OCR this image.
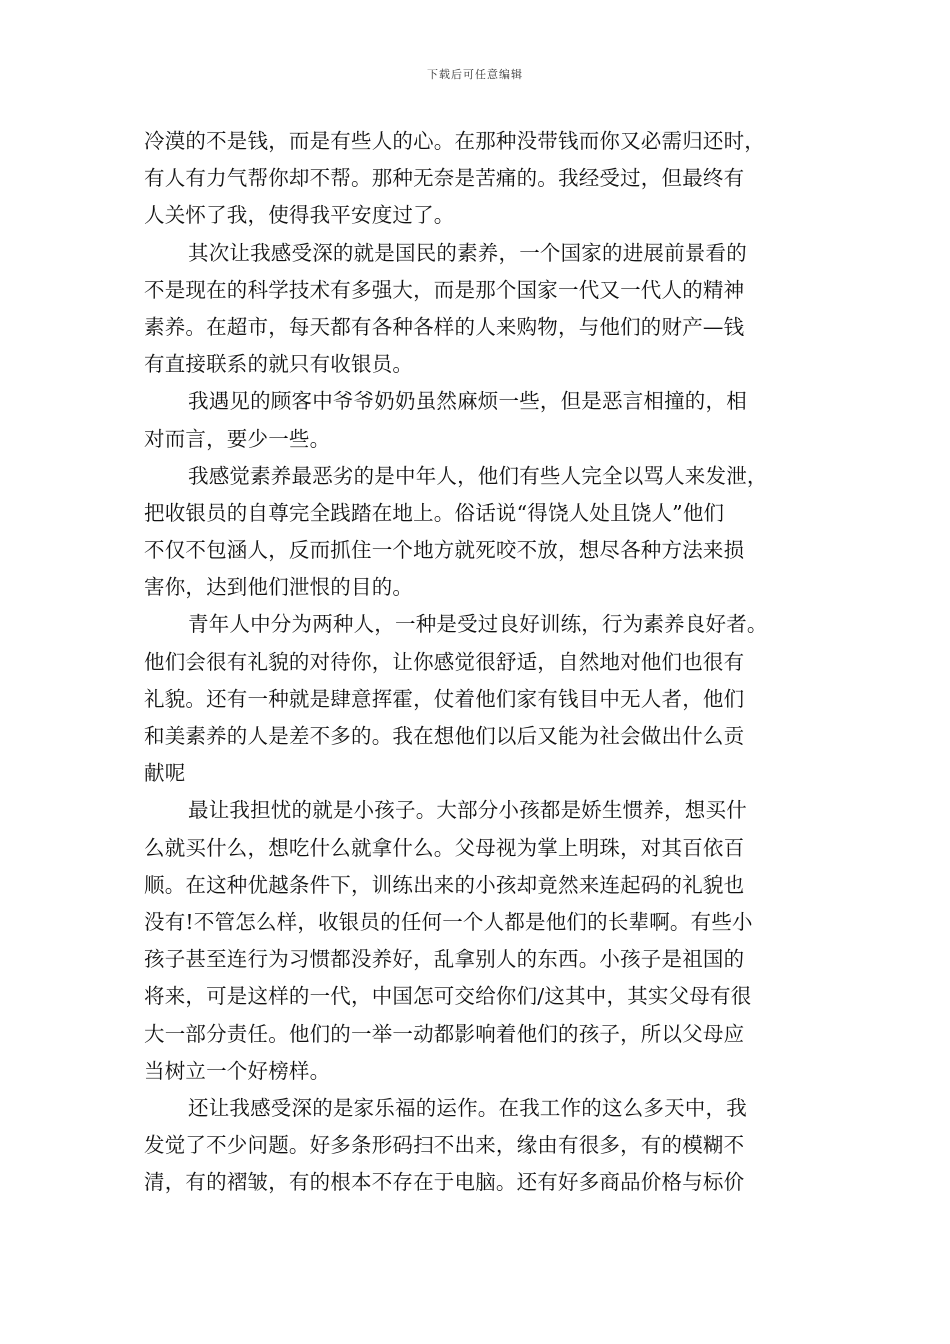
下载后可任意编辑
冷漠的不是钱，而是有些人的心。在那种没带钱而你又必需归还时，
有人有力气帮你却不帮。那种无奈是苦痛的。我经受过，但最终有
人关怀了我，使得我平安度过了。
其次让我感受深的就是国民的素养，一个国家的进展前景看的
不是现在的科学技术有多强大，而是那个国家一代又一代人的精神
素养。在超市，每天都有各种各样的人来购物，与他们的财产—钱
有直接联系的就只有收银员。
我遇见的顾客中爷爷奶奶虽然麻烦一些，但是恶言相撞的，相
对而言，要少一些。
我感觉素养最恶劣的是中年人，他们有些人完全以骂人来发泄，
把收银员的自尊完全践踏在地上。俗话说“得饶人处且饶人”他们
不仅不包涵人，反而抓住一个地方就死咬不放，想尽各种方法来损
害你，达到他们泄恨的目的。
青年人中分为两种人，一种是受过良好训练，行为素养良好者。
他们会很有礼貌的对待你，让你感觉很舒适，自然地对他们也很有
礼貌。还有一种就是肆意挥霍，仗着他们家有钱目中无人者，他们
和美素养的人是差不多的。我在想他们以后又能为社会做出什么贡
献呢
最让我担忧的就是小孩子。大部分小孩都是娇生惯养，想买什
么就买什么，想吃什么就拿什么。父母视为掌上明珠，对其百依百
顺。在这种优越条件下，训练出来的小孩却竟然来连起码的礼貌也
没有!不管怎么样，收银员的任何一个人都是他们的长辈啊。有些小
孩子甚至连行为习惯都没养好，乱拿别人的东西。小孩子是祖国的
将来，可是这样的一代，中国怎可交给你们/这其中，其实父母有很
大一部分责任。他们的一举一动都影响着他们的孩子，所以父母应
当树立一个好榜样。
还让我感受深的是家乐福的运作。在我工作的这么多天中，我
发觉了不少问题。好多条形码扫不出来，缘由有很多，有的模糊不
清，有的褶皱，有的根本不存在于电脑。还有好多商品价格与标价
